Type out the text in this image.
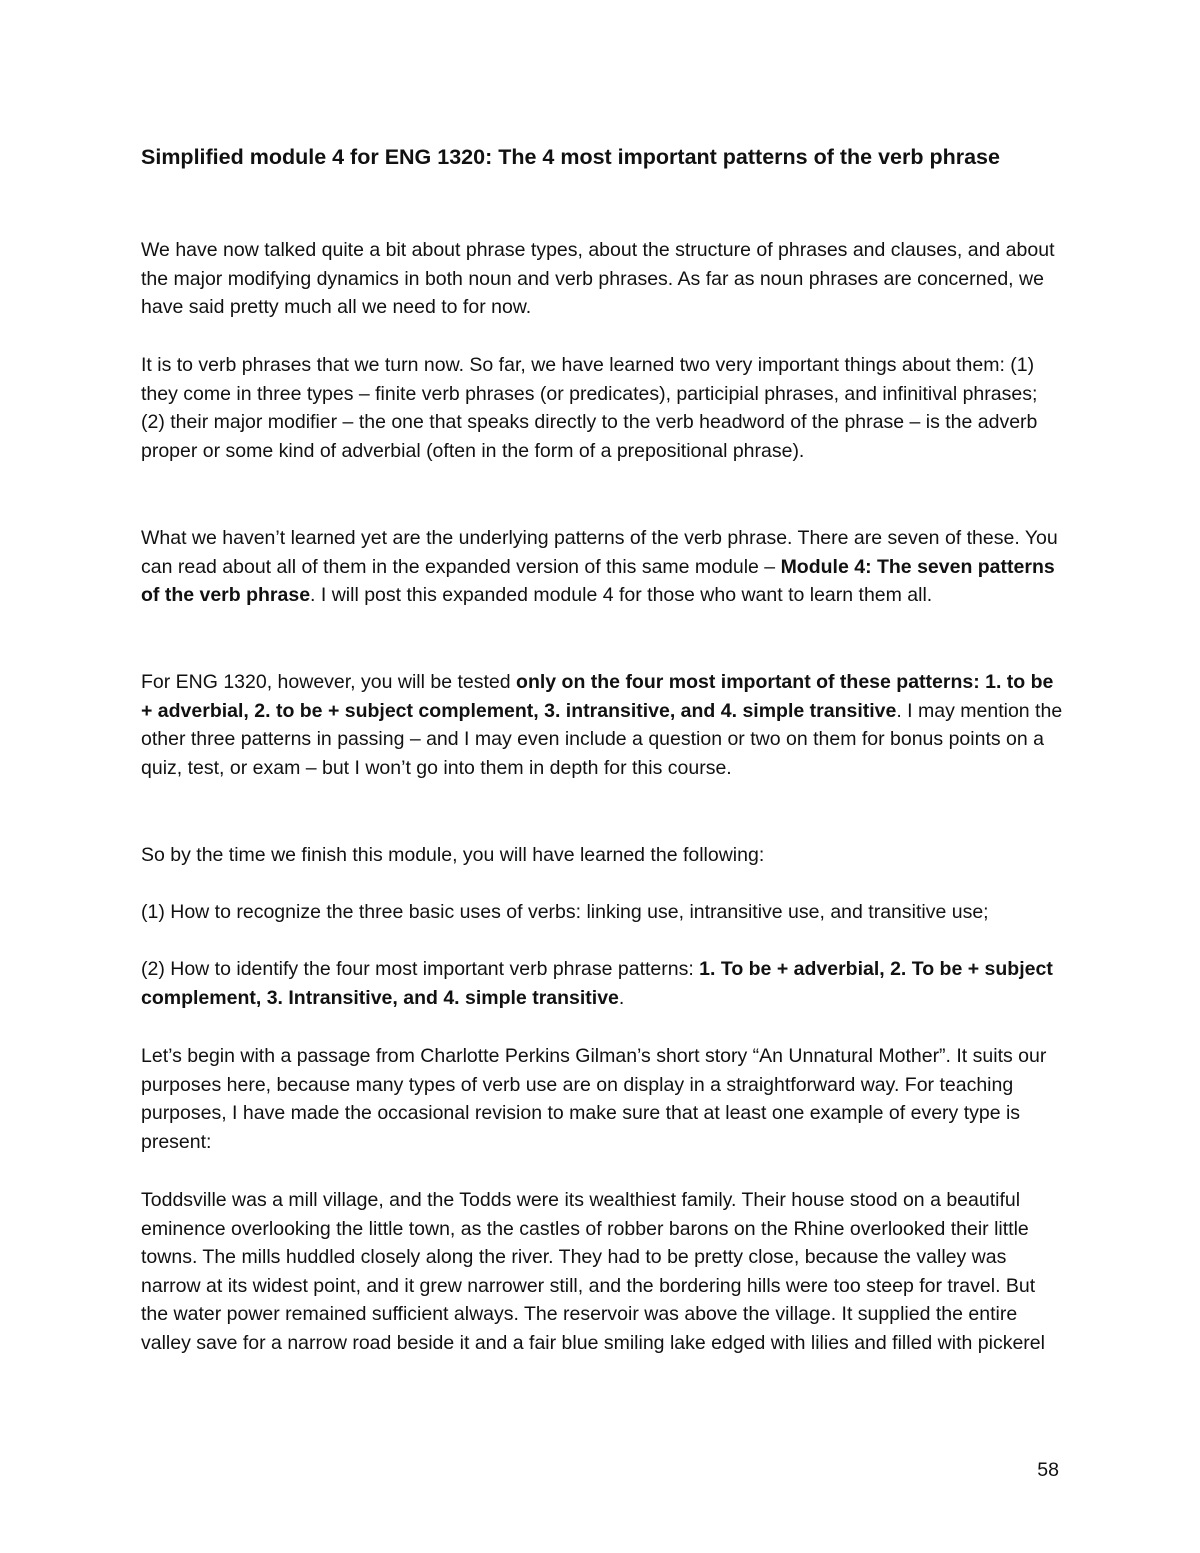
Simplified module 4 for ENG 1320: The 4 most important patterns of the verb phrase

We have now talked quite a bit about phrase types, about the structure of phrases and clauses, and about the major modifying dynamics in both noun and verb phrases. As far as noun phrases are concerned, we have said pretty much all we need to for now.

It is to verb phrases that we turn now. So far, we have learned two very important things about them: (1) they come in three types – finite verb phrases (or predicates), participial phrases, and infinitival phrases; (2) their major modifier – the one that speaks directly to the verb headword of the phrase – is the adverb proper or some kind of adverbial (often in the form of a prepositional phrase).

What we haven’t learned yet are the underlying patterns of the verb phrase. There are seven of these. You can read about all of them in the expanded version of this same module – Module 4: The seven patterns of the verb phrase. I will post this expanded module 4 for those who want to learn them all.

For ENG 1320, however, you will be tested only on the four most important of these patterns: 1. to be + adverbial, 2. to be + subject complement, 3. intransitive, and 4. simple transitive. I may mention the other three patterns in passing – and I may even include a question or two on them for bonus points on a quiz, test, or exam – but I won’t go into them in depth for this course.

So by the time we finish this module, you will have learned the following:

(1) How to recognize the three basic uses of verbs: linking use, intransitive use, and transitive use;

(2) How to identify the four most important verb phrase patterns: 1. To be + adverbial, 2. To be + subject complement, 3. Intransitive, and 4. simple transitive.

Let’s begin with a passage from Charlotte Perkins Gilman’s short story “An Unnatural Mother”. It suits our purposes here, because many types of verb use are on display in a straightforward way. For teaching purposes, I have made the occasional revision to make sure that at least one example of every type is present:

Toddsville was a mill village, and the Todds were its wealthiest family. Their house stood on a beautiful eminence overlooking the little town, as the castles of robber barons on the Rhine overlooked their little towns. The mills huddled closely along the river. They had to be pretty close, because the valley was narrow at its widest point, and it grew narrower still, and the bordering hills were too steep for travel. But the water power remained sufficient always. The reservoir was above the village. It supplied the entire valley save for a narrow road beside it and a fair blue smiling lake edged with lilies and filled with pickerel

58
